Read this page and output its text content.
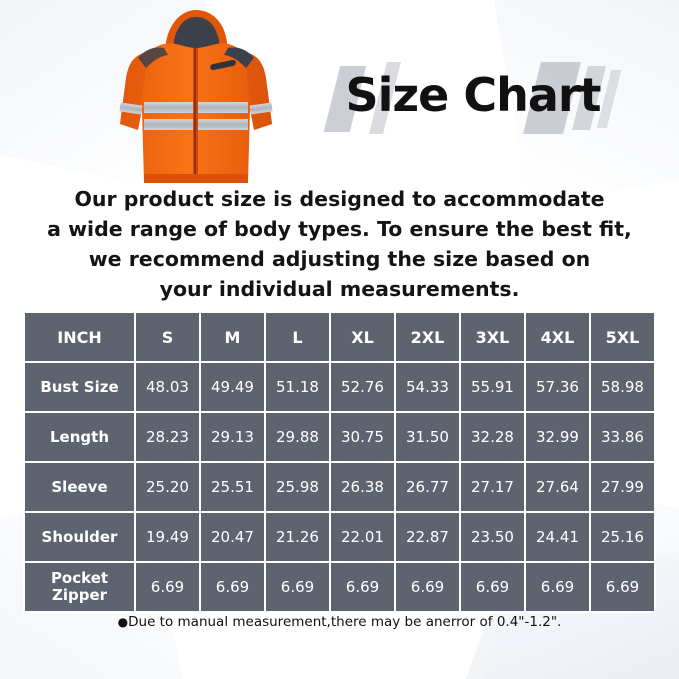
Size Chart
Our product size is designed to accommodate
a wide range of body types. To ensure the best fit,
we recommend adjusting the size based on
your individual measurements.
INCH	S	M	L	XL	2XL	3XL	4XL	5XL
Bust Size	48.03	49.49	51.18	52.76	54.33	55.91	57.36	58.98
Length	28.23	29.13	29.88	30.75	31.50	32.28	32.99	33.86
Sleeve	25.20	25.51	25.98	26.38	26.77	27.17	27.64	27.99
Shoulder	19.49	20.47	21.26	22.01	22.87	23.50	24.41	25.16
Pocket
Zipper	6.69	6.69	6.69	6.69	6.69	6.69	6.69	6.69
●Due to manual measurement,there may be anerror of 0.4"-1.2".
